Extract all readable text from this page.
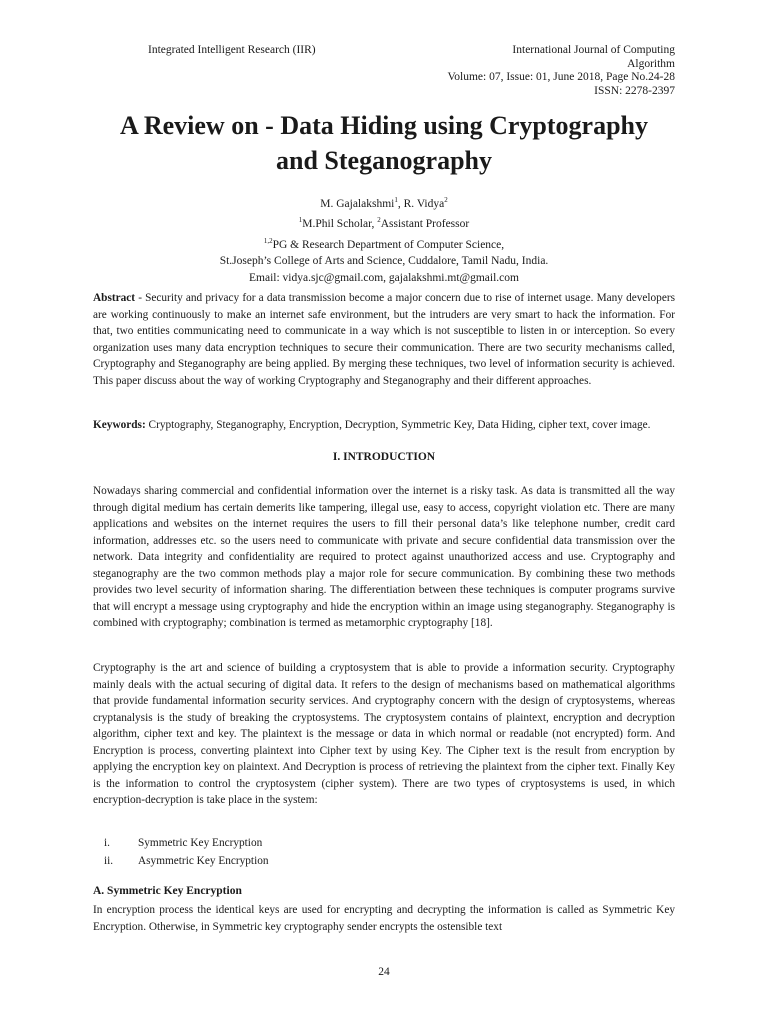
Integrated Intelligent Research (IIR)	International Journal of Computing
Algorithm
Volume: 07, Issue: 01, June 2018, Page No.24-28
ISSN: 2278-2397
A Review on - Data Hiding using Cryptography
and Steganography
M. Gajalakshmi$^1$, R. Vidya$^2$
$^1$M.Phil Scholar, $^2$Assistant Professor
$^{1,2}$PG & Research Department of Computer Science,
St.Joseph’s College of Arts and Science, Cuddalore, Tamil Nadu, India.
Email: vidya.sjc@gmail.com, gajalakshmi.mt@gmail.com
Abstract - Security and privacy for a data transmission become a major concern due to rise of internet usage. Many developers are working continuously to make an internet safe environment, but the intruders are very smart to hack the information. For that, two entities communicating need to communicate in a way which is not susceptible to listen in or interception. So every organization uses many data encryption techniques to secure their communication. There are two security mechanisms called, Cryptography and Steganography are being applied. By merging these techniques, two level of information security is achieved. This paper discuss about the way of working Cryptography and Steganography and their different approaches.
Keywords: Cryptography, Steganography, Encryption, Decryption, Symmetric Key, Data Hiding, cipher text, cover image.
I. INTRODUCTION
Nowadays sharing commercial and confidential information over the internet is a risky task. As data is transmitted all the way through digital medium has certain demerits like tampering, illegal use, easy to access, copyright violation etc. There are many applications and websites on the internet requires the users to fill their personal data’s like telephone number, credit card information, addresses etc. so the users need to communicate with private and secure confidential data transmission over the network. Data integrity and confidentiality are required to protect against unauthorized access and use. Cryptography and steganography are the two common methods play a major role for secure communication. By combining these two methods provides two level security of information sharing. The differentiation between these techniques is computer programs survive that will encrypt a message using cryptography and hide the encryption within an image using steganography. Steganography is combined with cryptography; combination is termed as metamorphic cryptography [18].
Cryptography is the art and science of building a cryptosystem that is able to provide a information security. Cryptography mainly deals with the actual securing of digital data. It refers to the design of mechanisms based on mathematical algorithms that provide fundamental information security services. And cryptography concern with the design of cryptosystems, whereas cryptanalysis is the study of breaking the cryptosystems. The cryptosystem contains of plaintext, encryption and decryption algorithm, cipher text and key. The plaintext is the message or data in which normal or readable (not encrypted) form. And Encryption is process, converting plaintext into Cipher text by using Key. The Cipher text is the result from encryption by applying the encryption key on plaintext. And Decryption is process of retrieving the plaintext from the cipher text. Finally Key is the information to control the cryptosystem (cipher system). There are two types of cryptosystems is used, in which encryption-decryption is take place in the system:
i.	Symmetric Key Encryption
ii.	Asymmetric Key Encryption
A. Symmetric Key Encryption
In encryption process the identical keys are used for encrypting and decrypting the information is called as Symmetric Key Encryption. Otherwise, in Symmetric key cryptography sender encrypts the ostensible text
24
